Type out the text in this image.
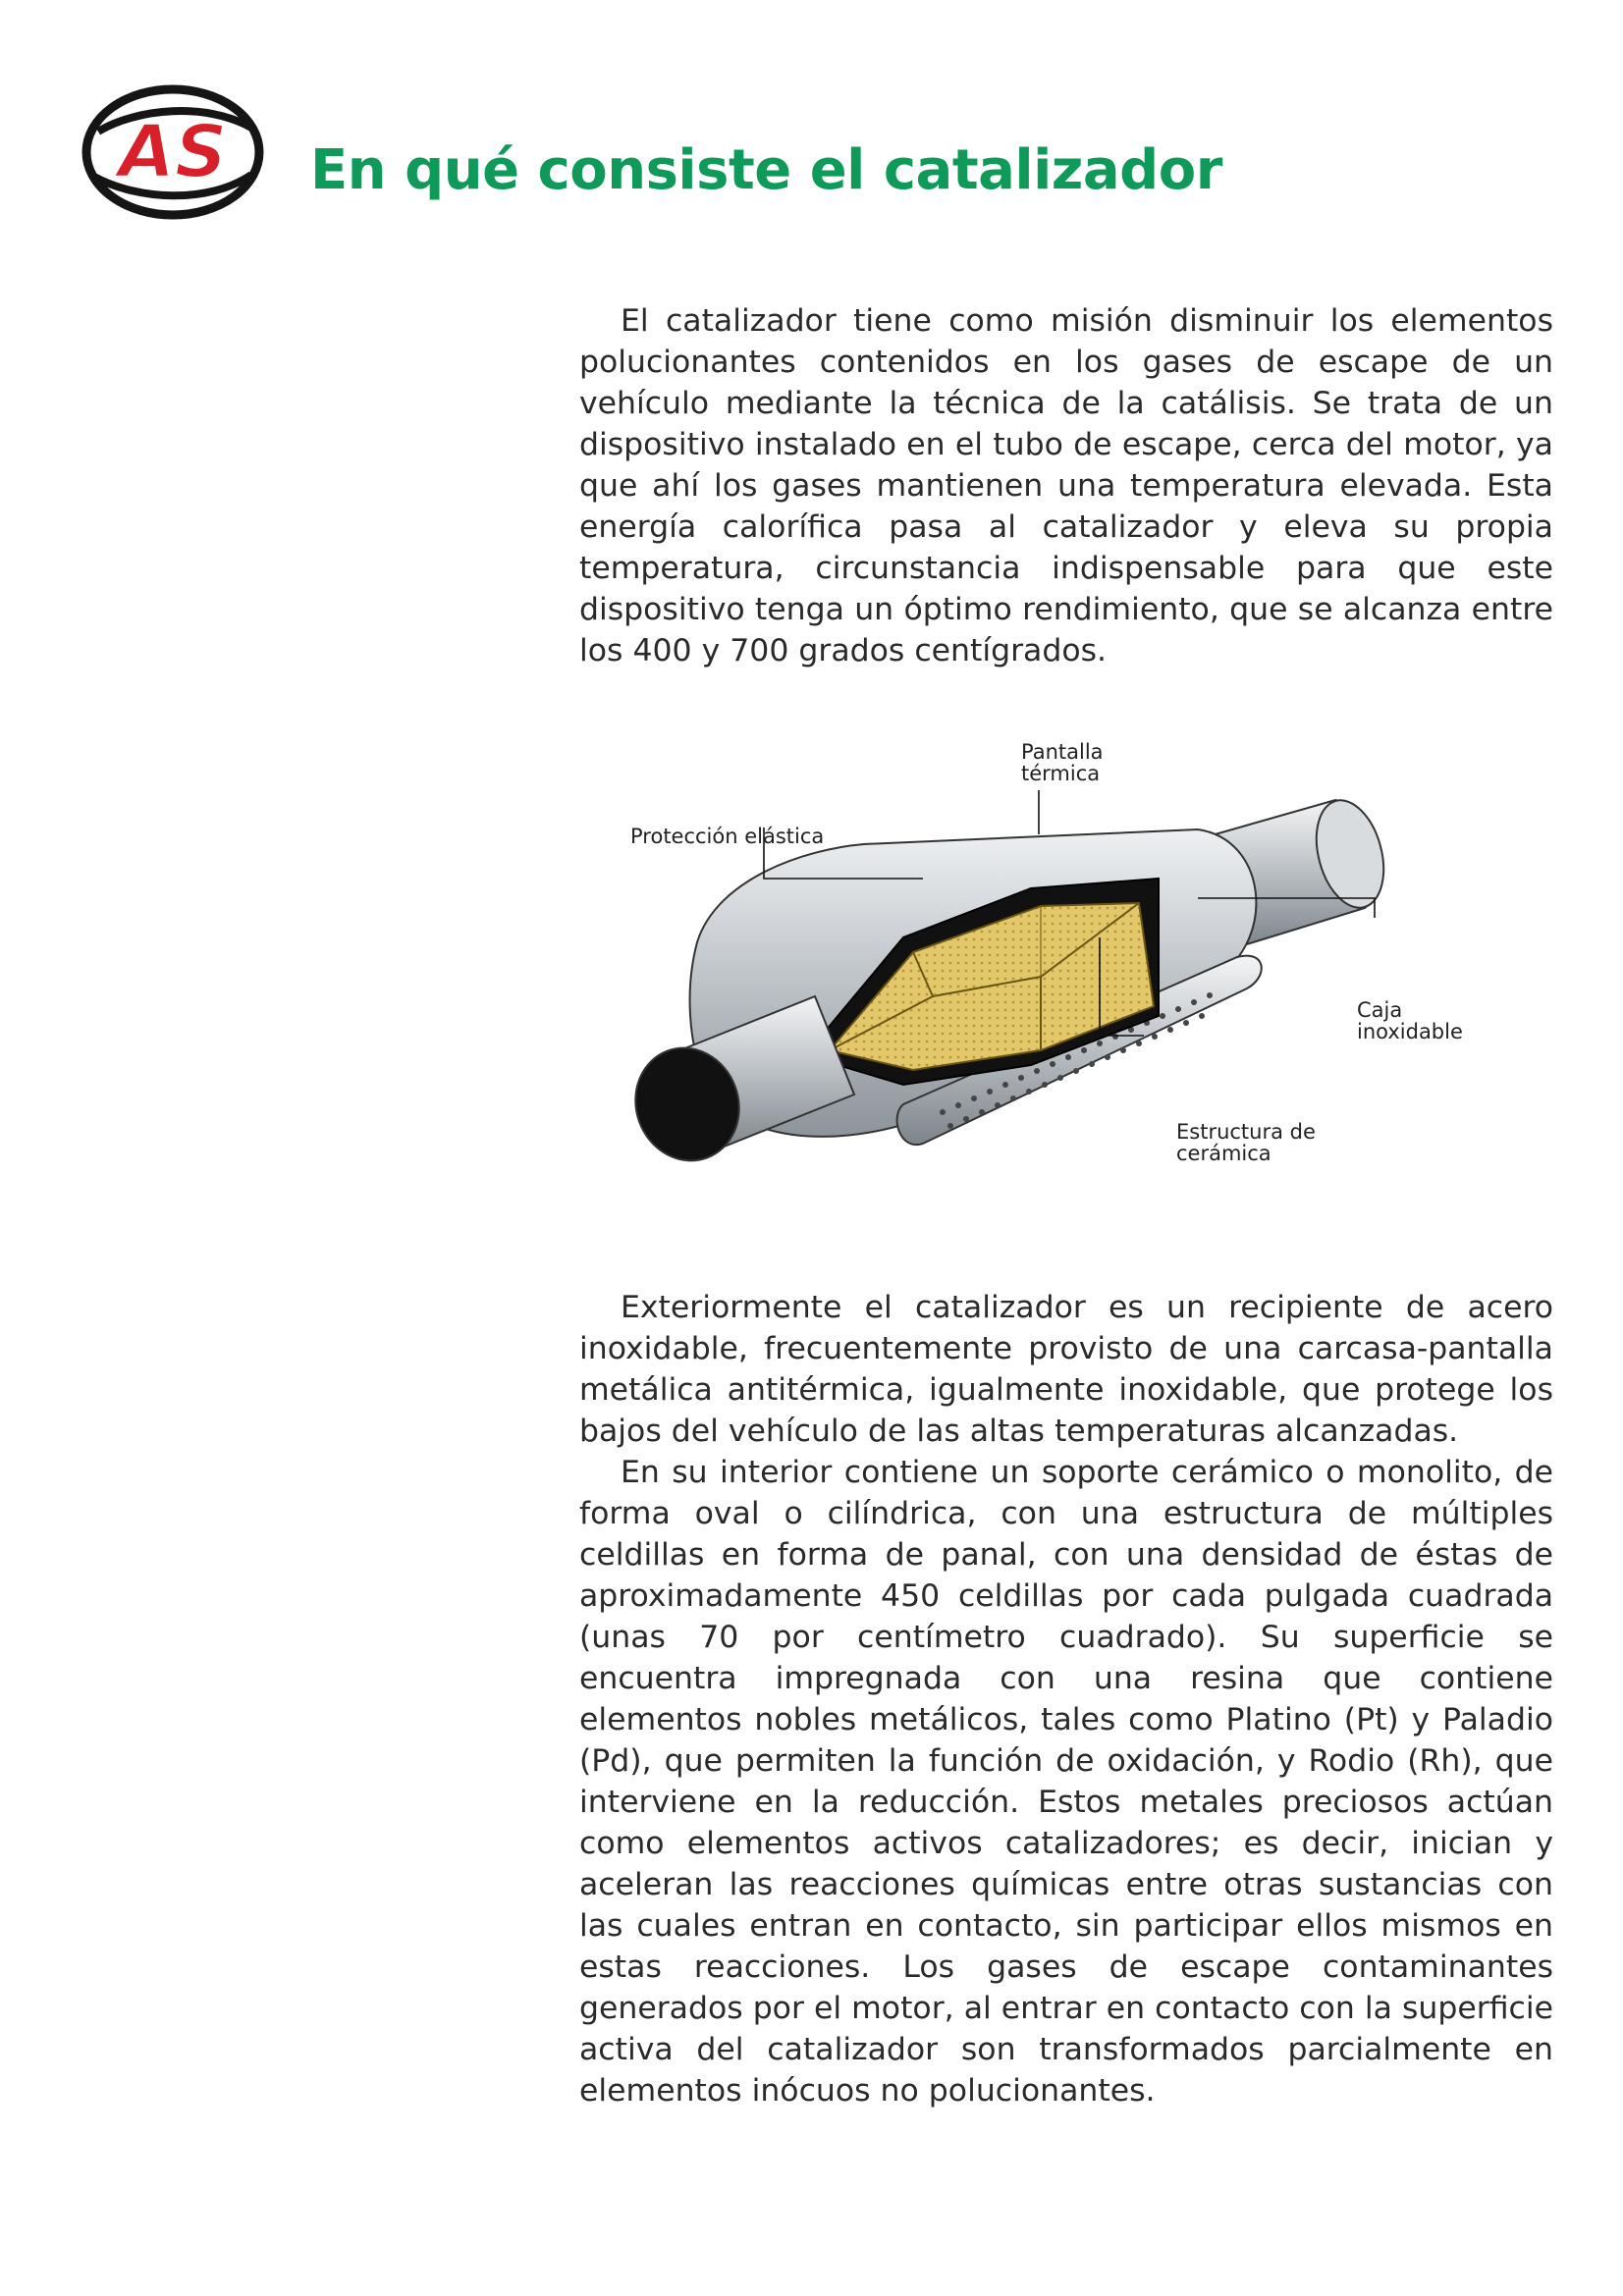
AS En qué consiste el catalizador

El catalizador tiene como misión disminuir los elementos polucionantes contenidos en los gases de escape de un vehículo mediante la técnica de la catálisis. Se trata de un dispositivo instalado en el tubo de escape, cerca del motor, ya que ahí los gases mantienen una temperatura elevada. Esta energía calorífica pasa al catalizador y eleva su propia temperatura, circunstancia indispensable para que este dispositivo tenga un óptimo rendimiento, que se alcanza entre los 400 y 700 grados centígrados.

Pantalla
térmica
Protección elástica
Caja
inoxidable
Estructura de
cerámica

Exteriormente el catalizador es un recipiente de acero inoxidable, frecuentemente provisto de una carcasa-pantalla metálica antitérmica, igualmente inoxidable, que protege los bajos del vehículo de las altas temperaturas alcanzadas.

En su interior contiene un soporte cerámico o monolito, de forma oval o cilíndrica, con una estructura de múltiples celdillas en forma de panal, con una densidad de éstas de aproximadamente 450 celdillas por cada pulgada cuadrada (unas 70 por centímetro cuadrado). Su superficie se encuentra impregnada con una resina que contiene elementos nobles metálicos, tales como Platino (Pt) y Paladio (Pd), que permiten la función de oxidación, y Rodio (Rh), que interviene en la reducción. Estos metales preciosos actúan como elementos activos catalizadores; es decir, inician y aceleran las reacciones químicas entre otras sustancias con las cuales entran en contacto, sin participar ellos mismos en estas reacciones. Los gases de escape contaminantes generados por el motor, al entrar en contacto con la superficie activa del catalizador son transformados parcialmente en elementos inócuos no polucionantes.
